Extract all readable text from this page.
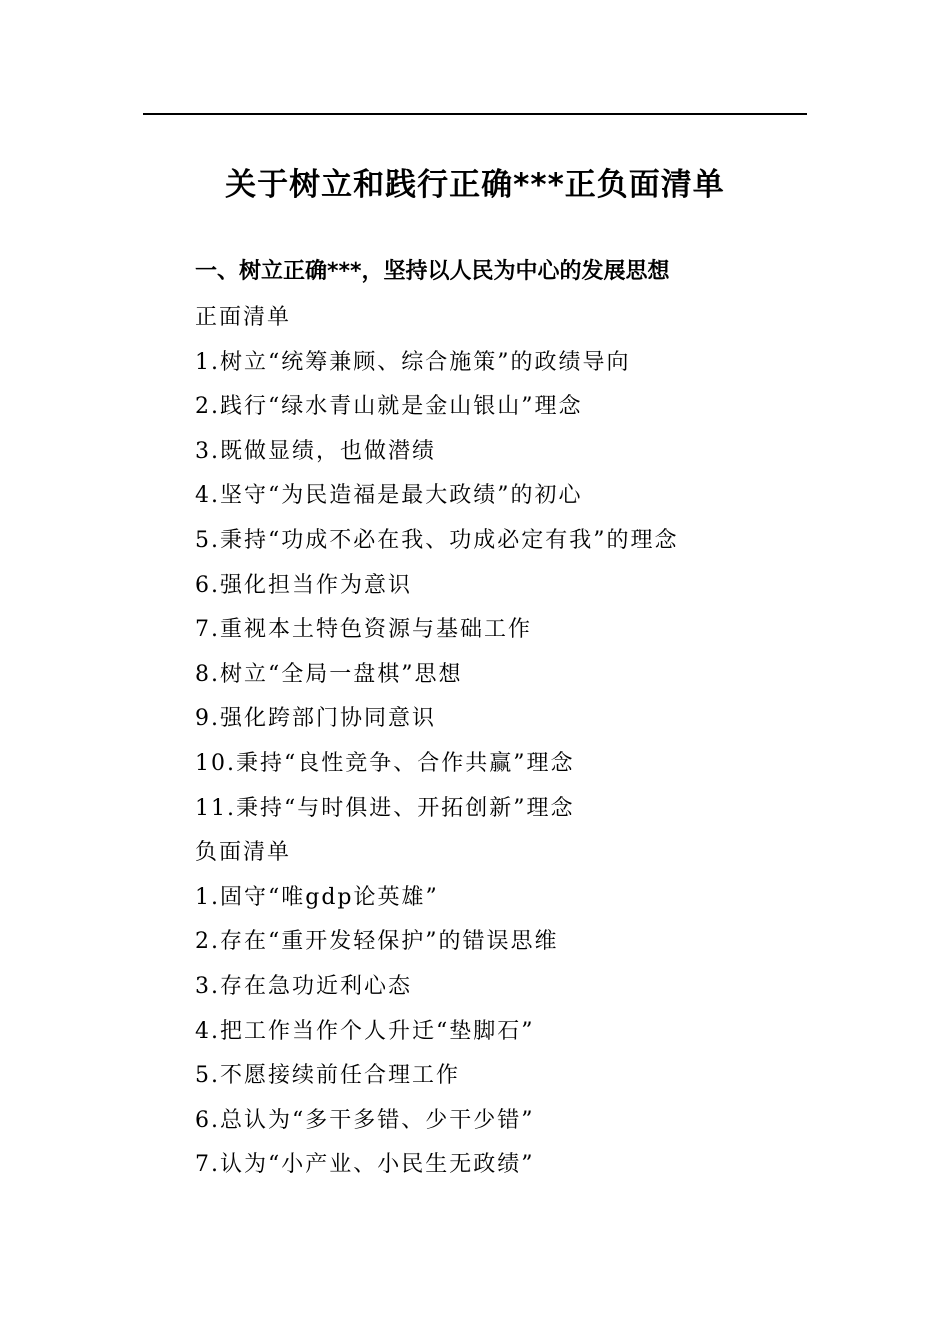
关于树立和践行正确***正负面清单
一、树立正确***，坚持以人民为中心的发展思想
正面清单
1.树立“统筹兼顾、综合施策”的政绩导向
2.践行“绿水青山就是金山银山”理念
3.既做显绩，也做潜绩
4.坚守“为民造福是最大政绩”的初心
5.秉持“功成不必在我、功成必定有我”的理念
6.强化担当作为意识
7.重视本土特色资源与基础工作
8.树立“全局一盘棋”思想
9.强化跨部门协同意识
10.秉持“良性竞争、合作共赢”理念
11.秉持“与时俱进、开拓创新”理念
负面清单
1.固守“唯gdp论英雄”
2.存在“重开发轻保护”的错误思维
3.存在急功近利心态
4.把工作当作个人升迁“垫脚石”
5.不愿接续前任合理工作
6.总认为“多干多错、少干少错”
7.认为“小产业、小民生无政绩”
